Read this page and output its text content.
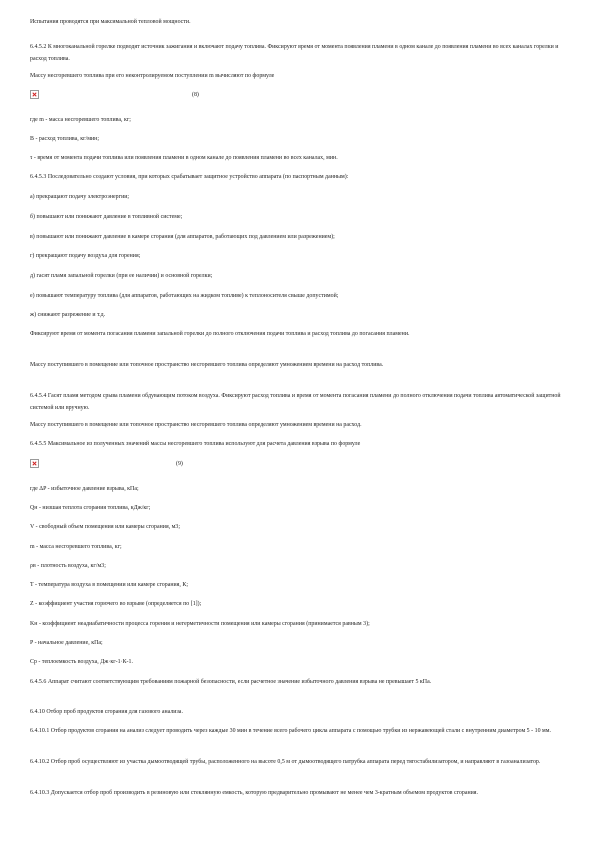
Испытания проводятся при максимальной тепловой мощности.
6.4.5.2 К многоканальной горелке подводят источник зажигания и включают подачу топлива. Фиксируют время от момента появления пламени в одном канале до появления пламени во всех каналах горелки и расход топлива.
Массу несгоревшего топлива при его неконтролируемом поступлении m вычисляют по формуле
(8)
где m - масса несгоревшего топлива, кг;
В - расход топлива, кг/мин;
τ - время от момента подачи топлива или появления пламени в одном канале до появления пламени во всех каналах, мин.
6.4.5.3 Последовательно создают условия, при которых срабатывает защитное устройство аппарата (по паспортным данным):
а) прекращают подачу электроэнергии;
б) повышают или понижают давление в топливной системе;
в) повышают или понижают давление в камере сгорания (для аппаратов, работающих под давлением или разрежением);
г) прекращают подачу воздуха для горения;
д) гасят пламя запальной горелки (при ее наличии) и основной горелки;
е) повышают температуру топлива (для аппаратов, работающих на жидком топливе) к теплоносителя свыше допустимой;
ж) снижают разрежение и т.д.
Фиксируют время от момента погасания пламени запальной горелки до полного отключения подачи топлива и расход топлива до погасания пламени.
Массу поступившего в помещение или топочное пространство несгоревшего топлива определяют умножением времени на расход топлива.
6.4.5.4 Гасят пламя методом срыва пламени обдувающим потоком воздуха. Фиксируют расход топлива и время от момента погасания пламени до полного отключения подачи топлива автоматической защитной системой или вручную.
Массу поступившего в помещение или топочное пространство несгоревшего топлива определяют умножением времени на расход.
6.4.5.5 Максимальное из полученных значений массы несгоревшего топлива используют для расчета давления взрыва по формуле
(9)
где ΔP - избыточное давление взрыва, кПа;
Qн - низшая теплота сгорания топлива, кДж/кг;
V - свободный объем помещения или камеры сгорания, м3;
m - масса несгоревшего топлива, кг;
ρв - плотность воздуха, кг/м3;
T - температура воздуха в помещении или камере сгорания, К;
Z - коэффициент участия горючего во взрыве (определяется по [1]);
Kн - коэффициент неадиабатичности процесса горения и негерметичности помещения или камеры сгорания (принимается равным 3);
P - начальное давление, кПа;
Cp - теплоемкость воздуха, Дж·кг-1·К-1.
6.4.5.6 Аппарат считают соответствующим требованиям пожарной безопасности, если расчетное значение избыточного давления взрыва не превышает 5 кПа.
6.4.10 Отбор проб продуктов сгорания для газового анализа.
6.4.10.1 Отбор продуктов сгорания на анализ следует проводить через каждые 30 мин в течение всего рабочего цикла аппарата с помощью трубки из нержавеющей стали с внутренним диаметром 5 - 10 мм.
6.4.10.2 Отбор проб осуществляют из участка дымоотводящей трубы, расположенного на высоте 0,5 м от дымоотводящего патрубка аппарата перед тягостабилизатором, и направляют в газоанализатор.
6.4.10.3 Допускается отбор проб производить в резиновую или стеклянную емкость, которую предварительно промывают не менее чем 3-кратным объемом продуктов сгорания.
